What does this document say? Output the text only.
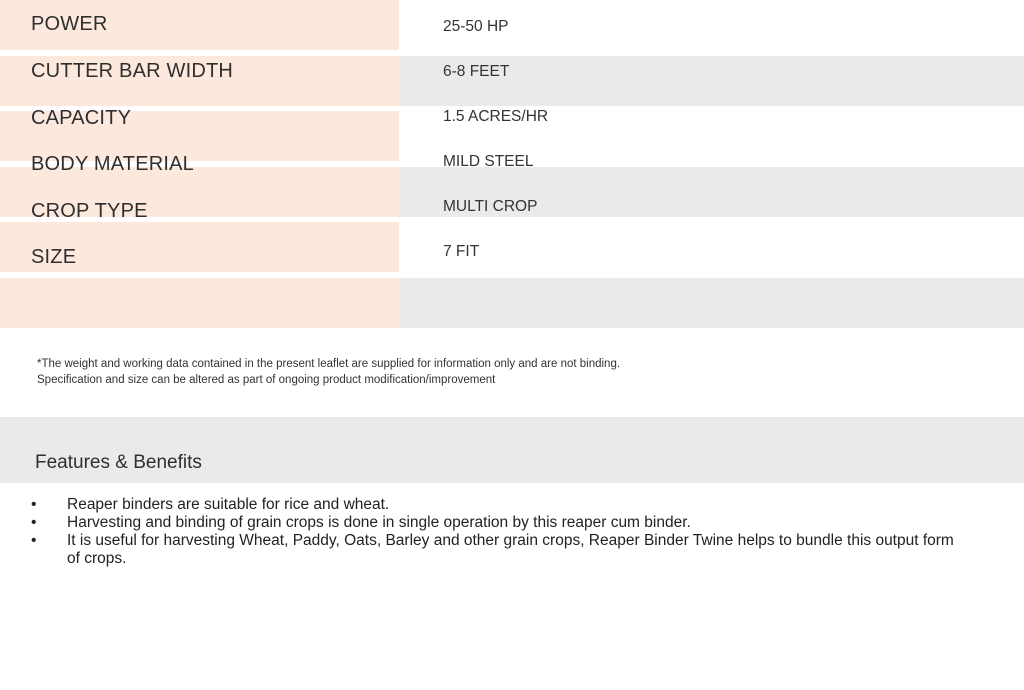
POWER	25-50 HP
CUTTER BAR WIDTH	6-8 FEET
CAPACITY	1.5 ACRES/HR
BODY MATERIAL	MILD STEEL
CROP TYPE	MULTI CROP
SIZE	7 FIT
*The weight and working data contained in the present leaflet are supplied for information only and are not binding.
Specification and size can be altered as part of ongoing product modification/improvement
Features & Benefits
• Reaper binders are suitable for rice and wheat.
• Harvesting and binding of grain crops is done in single operation by this reaper cum binder.
• It is useful for harvesting Wheat, Paddy, Oats, Barley and other grain crops, Reaper Binder Twine helps to bundle this output form of crops.
